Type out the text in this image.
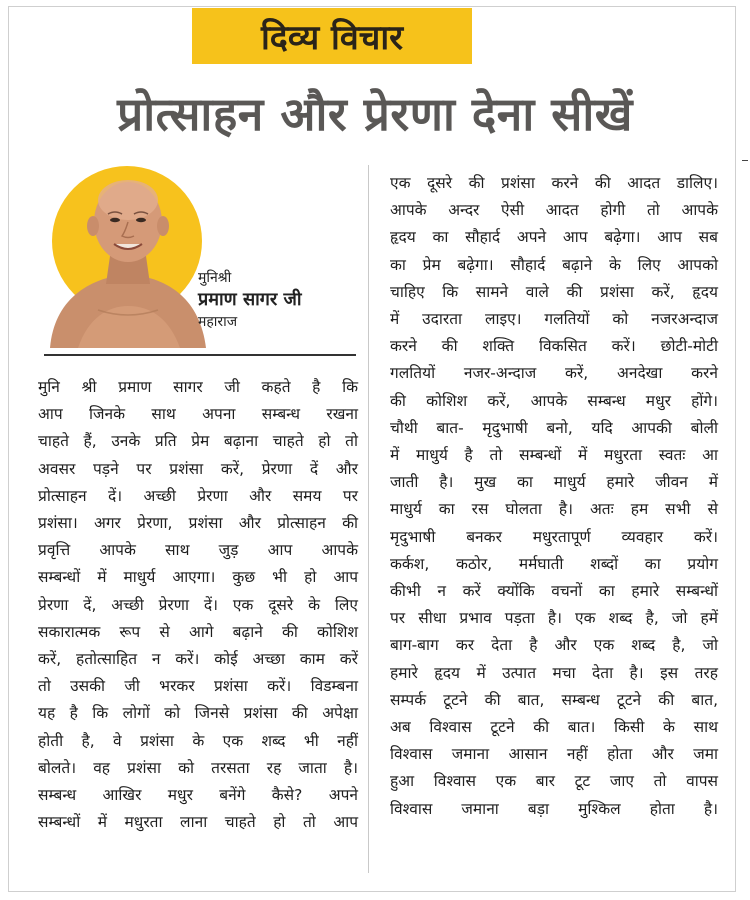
दिव्य विचार
प्रोत्साहन और प्रेरणा देना सीखें
मुनिश्री
प्रमाण सागर जी
महाराज
मुनि श्री प्रमाण सागर जी कहते है कि
आप जिनके साथ अपना सम्बन्ध रखना
चाहते हैं, उनके प्रति प्रेम बढ़ाना चाहते हो तो
अवसर पड़ने पर प्रशंसा करें, प्रेरणा दें और
प्रोत्साहन दें। अच्छी प्रेरणा और समय पर
प्रशंसा। अगर प्रेरणा, प्रशंसा और प्रोत्साहन की
प्रवृत्ति आपके साथ जुड़ आप आपके
सम्बन्धों में माधुर्य आएगा। कुछ भी हो आप
प्रेरणा दें, अच्छी प्रेरणा दें। एक दूसरे के लिए
सकारात्मक रूप से आगे बढ़ाने की कोशिश
करें, हतोत्साहित न करें। कोई अच्छा काम करें
तो उसकी जी भरकर प्रशंसा करें। विडम्बना
यह है कि लोगों को जिनसे प्रशंसा की अपेक्षा
होती है, वे प्रशंसा के एक शब्द भी नहीं
बोलते। वह प्रशंसा को तरसता रह जाता है।
सम्बन्ध आखिर मधुर बनेंगे कैसे? अपने
सम्बन्धों में मधुरता लाना चाहते हो तो आप
एक दूसरे की प्रशंसा करने की आदत डालिए।
आपके अन्दर ऐसी आदत होगी तो आपके
हृदय का सौहार्द अपने आप बढ़ेगा। आप सब
का प्रेम बढ़ेगा। सौहार्द बढ़ाने के लिए आपको
चाहिए कि सामने वाले की प्रशंसा करें, हृदय
में उदारता लाइए। गलतियों को नजरअन्दाज
करने की शक्ति विकसित करें। छोटी-मोटी
गलतियों नजर-अन्दाज करें, अनदेखा करने
की कोशिश करें, आपके सम्बन्ध मधुर होंगे।
चौथी बात- मृदुभाषी बनो, यदि आपकी बोली
में माधुर्य है तो सम्बन्धों में मधुरता स्वतः आ
जाती है। मुख का माधुर्य हमारे जीवन में
माधुर्य का रस घोलता है। अतः हम सभी से
मृदुभाषी बनकर मधुरतापूर्ण व्यवहार करें।
कर्कश, कठोर, मर्मघाती शब्दों का प्रयोग
कीभी न करें क्योंकि वचनों का हमारे सम्बन्धों
पर सीधा प्रभाव पड़ता है। एक शब्द है, जो हमें
बाग-बाग कर देता है और एक शब्द है, जो
हमारे हृदय में उत्पात मचा देता है। इस तरह
सम्पर्क टूटने की बात, सम्बन्ध टूटने की बात,
अब विश्वास टूटने की बात। किसी के साथ
विश्वास जमाना आसान नहीं होता और जमा
हुआ विश्वास एक बार टूट जाए तो वापस
विश्वास जमाना बड़ा मुश्किल होता है।
